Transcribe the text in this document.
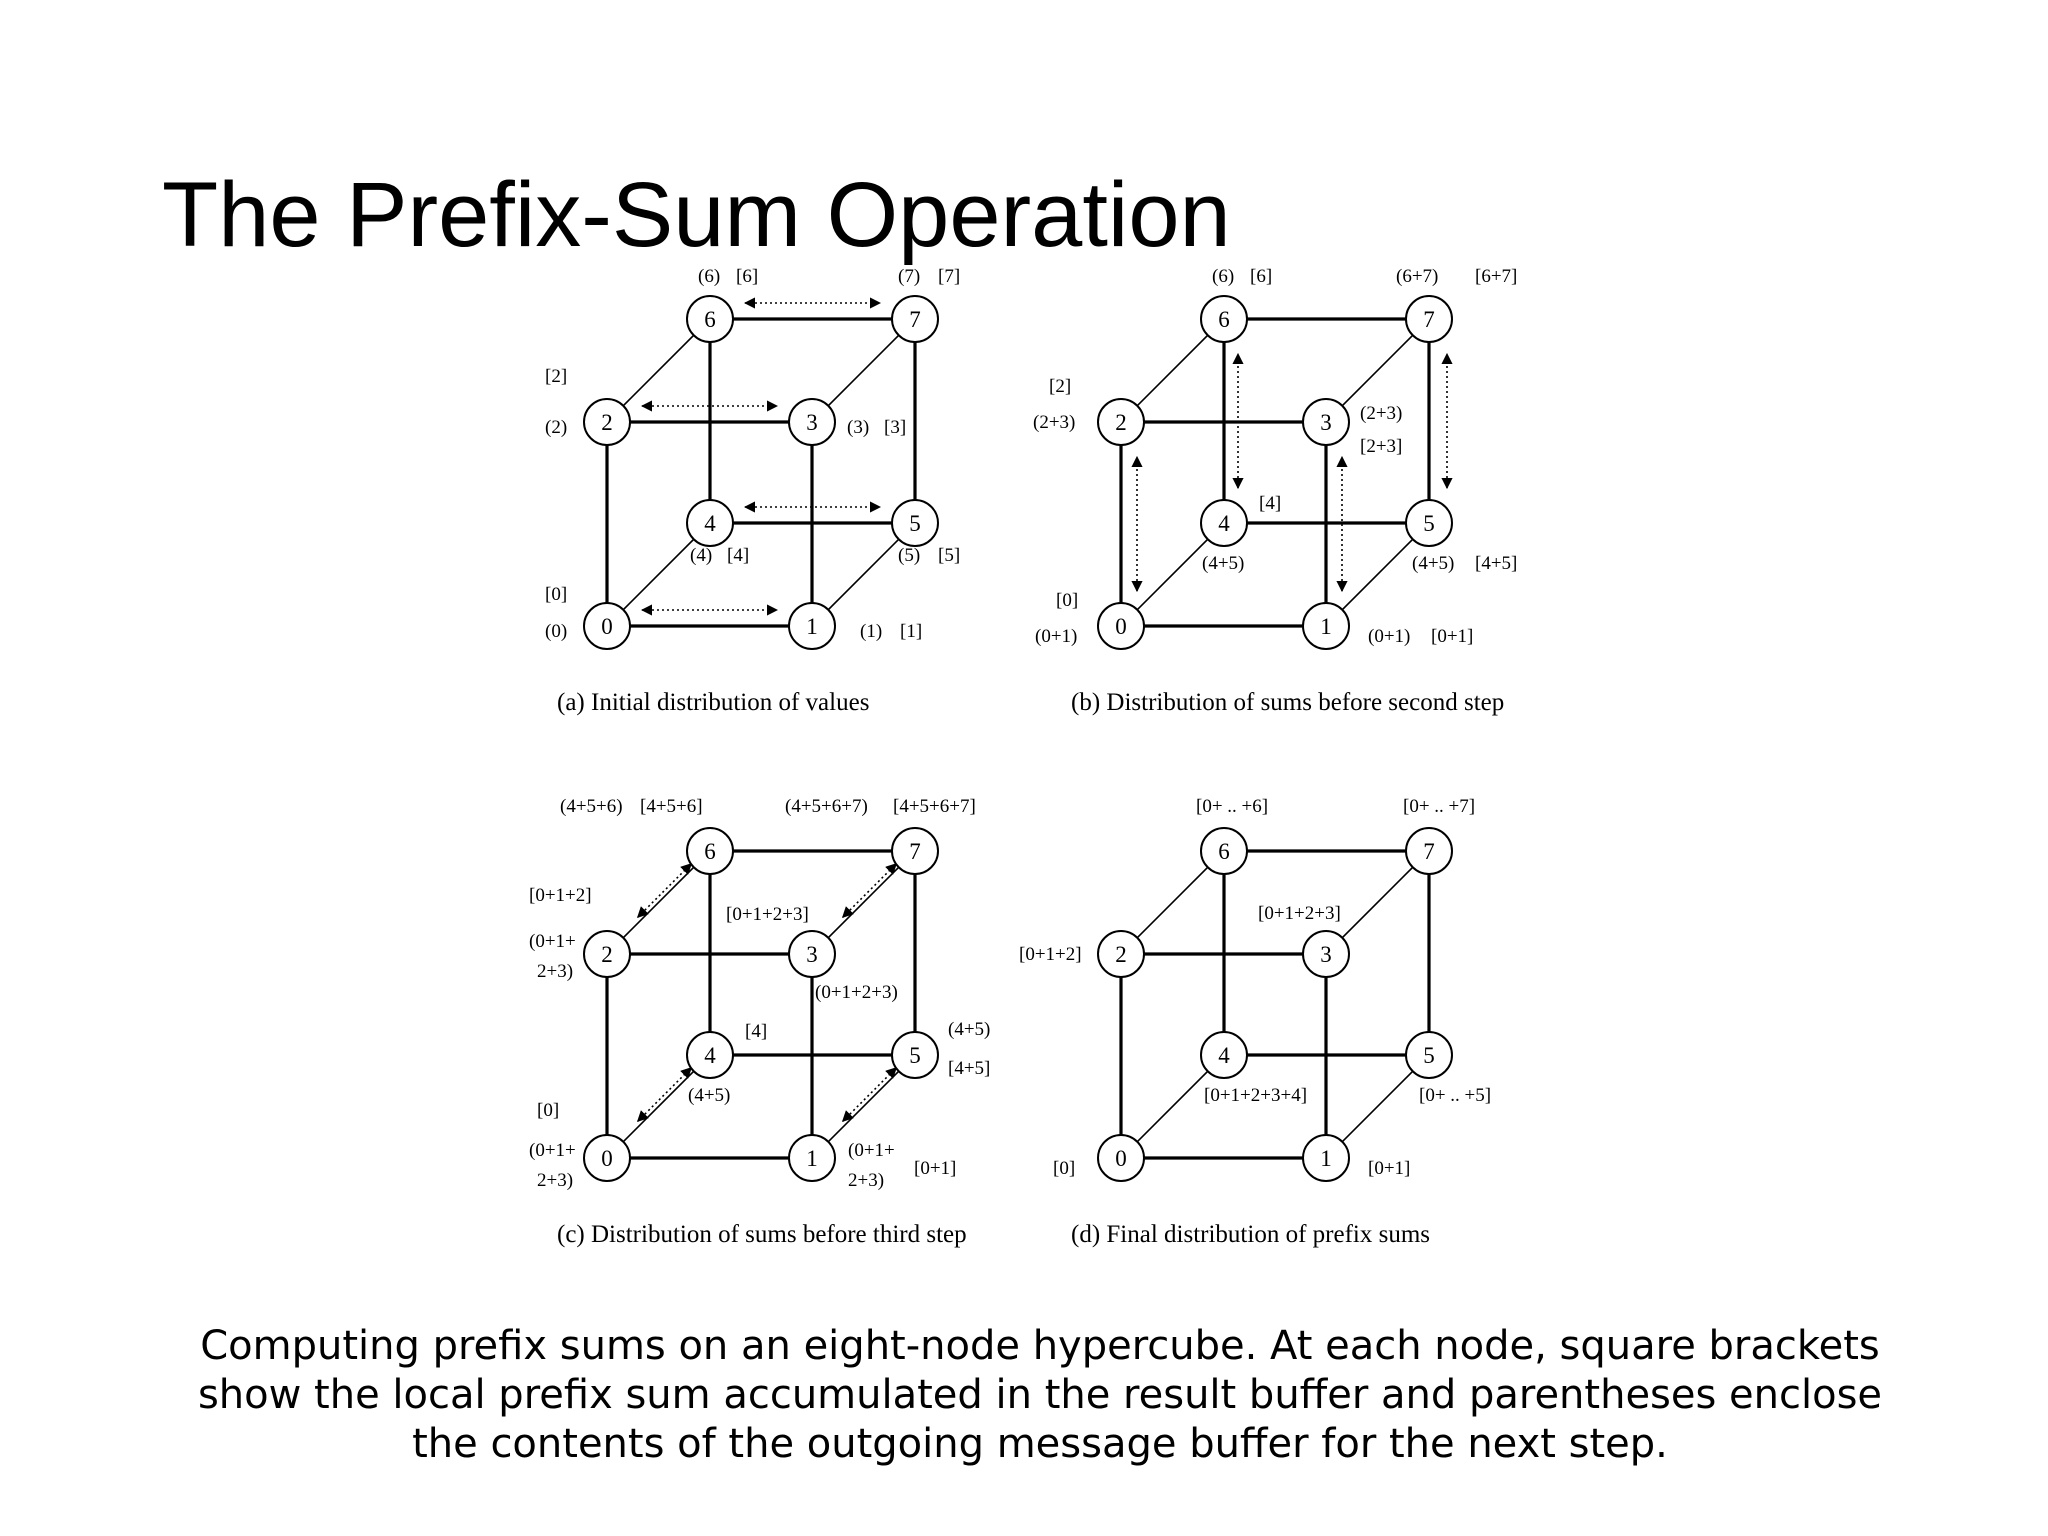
The Prefix-Sum Operation
0
[0]
(0)	1 (1) [1]
2
[2]
(2)	3 (3) [3]
4
(4) [4]
5
(5) [5]
6
(6) [6]
7
(7) [7]
(a) Initial distribution of values
0
[0]
(0+1)	1 (0+1) [0+1]
2
[2]
(2+3)	3 (2+3)
[2+3]
4
[4]
(4+5)
5
(4+5) [4+5]
6
(6) [6]
7
(6+7) [6+7]
(b) Distribution of sums before second step
0
[0]
(0+1+
2+3)
1 (0+1+
2+3)
[0+1]
2
[0+1+2]
(0+1+
2+3)
3
[0+1+2+3]
(0+1+2+3)
4
[4]
(4+5)
5
(4+5)
[4+5]
6
(4+5+6) [4+5+6]
7
(4+5+6+7) [4+5+6+7]
(c) Distribution of sums before third step
0
[0]	1 [0+1]
2
[0+1+2]	3
[0+1+2+3]
4
[0+1+2+3+4]
5
[0+ .. +5]
6
[0+ .. +6]
7
[0+ .. +7]
(d) Final distribution of prefix sums
Computing prefix sums on an eight-node hypercube. At each node, square brackets
show the local prefix sum accumulated in the result buffer and parentheses enclose
the contents of the outgoing message buffer for the next step.
